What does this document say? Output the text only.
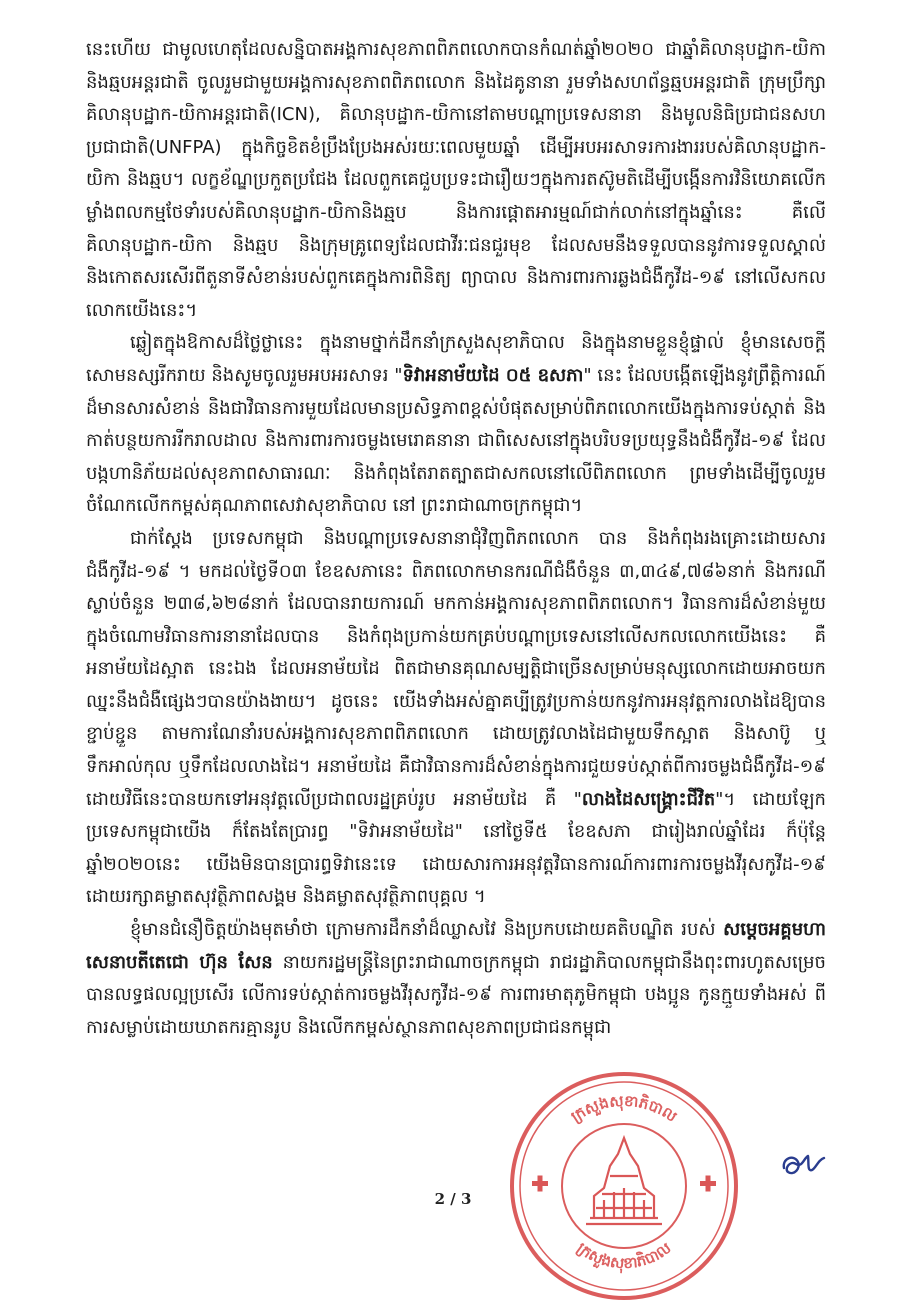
នេះហើយ ជាមូលហេតុដែលសន្និបាតអង្គការសុខភាពពិភពលោកបានកំណត់ឆ្នាំ២០២០ ជាឆ្នាំគិលានុបដ្ឋាក-យិកា និងឆ្មបអន្តរជាតិ ចូលរួមជាមួយអង្គការសុខភាពពិភពលោក និងដៃគូនានា រួមទាំងសហព័ន្ធឆ្មបអន្តរជាតិ ក្រុមប្រឹក្សាគិលានុបដ្ឋាក-យិកាអន្តរជាតិ(ICN), គិលានុបដ្ឋាក-យិកានៅតាមបណ្តាប្រទេសនានា និងមូលនិធិប្រជាជនសហប្រជាជាតិ(UNFPA) ក្នុងកិច្ចខិតខំប្រឹងប្រែងអស់រយៈពេលមួយឆ្នាំ ដើម្បីអបអរសាទរការងាររបស់គិលានុបដ្ឋាក-យិកា និងឆ្មប។ លក្ខខ័ណ្ឌប្រកួតប្រជែង ដែលពួកគេជួបប្រទះជារឿយៗក្នុងការតស៊ូមតិដើម្បីបង្កើនការវិនិយោគលើកម្លាំងពលកម្មថែទាំរបស់គិលានុបដ្ឋាក-យិកានិងឆ្មប និងការផ្តោតអារម្មណ៍ជាក់លាក់នៅក្នុងឆ្នាំនេះ គឺលើគិលានុបដ្ឋាក-យិកា និងឆ្មប និងក្រុមគ្រូពេទ្យដែលជាវីរៈជនជួរមុខ ដែលសមនឹងទទួលបាននូវការទទួលស្គាល់ និងកោតសរសើរពីតួនាទីសំខាន់របស់ពួកគេក្នុងការពិនិត្យ ព្យាបាល និងការពារការឆ្លងជំងឺកូវីដ-១៩ នៅលើសកលលោកយើងនេះ។

ឆ្លៀតក្នុងឱកាសដ៏ថ្លៃថ្លានេះ ក្នុងនាមថ្នាក់ដឹកនាំក្រសួងសុខាភិបាល និងក្នុងនាមខ្លួនខ្ញុំផ្ទាល់ ខ្ញុំមានសេចក្តីសោមនស្សរីករាយ និងសូមចូលរួមអបអរសាទរ "ទិវាអនាម័យដៃ ០៥ ឧសភា" នេះ ដែលបង្កើតឡើងនូវព្រឹត្តិការណ៍ដ៏មានសារសំខាន់ និងជាវិធានការមួយដែលមានប្រសិទ្ធភាពខ្ពស់បំផុតសម្រាប់ពិភពលោកយើងក្នុងការទប់ស្កាត់ និងកាត់បន្ថយការរីករាលដាល និងការពារការចម្លងមេរោគនានា ជាពិសេសនៅក្នុងបរិបទប្រយុទ្ធនឹងជំងឺកូវីដ-១៩ ដែលបង្កហានិភ័យដល់សុខភាពសាធារណៈ និងកំពុងតែរាតត្បាតជាសកលនៅលើពិភពលោក ព្រមទាំងដើម្បីចូលរួមចំណែកលើកកម្ពស់គុណភាពសេវាសុខាភិបាល នៅ ព្រះរាជាណាចក្រកម្ពុជា។

ជាក់ស្តែង ប្រទេសកម្ពុជា និងបណ្តាប្រទេសនានាជុំវិញពិភពលោក បាន និងកំពុងរងគ្រោះដោយសារជំងឺកូវីដ-១៩ ។ មកដល់ថ្ងៃទី០៣ ខែឧសភានេះ ពិភពលោកមានករណីជំងឺចំនួន ៣,៣៤៩,៧៨៦នាក់ និងករណីស្លាប់ចំនួន ២៣៨,៦២៨នាក់ ដែលបានរាយការណ៍ មកកាន់អង្គការសុខភាពពិភពលោក។ វិធានការដ៏សំខាន់មួយ ក្នុងចំណោមវិធានការនានាដែលបាន និងកំពុងប្រកាន់យកគ្រប់បណ្តាប្រទេសនៅលើសកលលោកយើងនេះ គឺ អនាម័យដៃស្អាត នេះឯង ដែលអនាម័យដៃ ពិតជាមានគុណសម្បត្តិជាច្រើនសម្រាប់មនុស្សលោកដោយអាចយកឈ្នះនឹងជំងឺផ្សេងៗបានយ៉ាងងាយ។ ដូចនេះ យើងទាំងអស់គ្នាគប្បីត្រូវប្រកាន់យកនូវការអនុវត្តការលាងដៃឱ្យបានខ្ជាប់ខ្ជួន តាមការណែនាំរបស់អង្គការសុខភាពពិភពលោក ដោយត្រូវលាងដៃជាមួយទឹកស្អាត និងសាប៊ូ ឬទឹកអាល់កុល ឬទឹកដែលលាងដៃ។ អនាម័យដៃ គឺជាវិធានការដ៏សំខាន់ក្នុងការជួយទប់ស្កាត់ពីការចម្លងជំងឺកូវីដ-១៩ ដោយវិធីនេះបានយកទៅអនុវត្តលើប្រជាពលរដ្ឋគ្រប់រូប អនាម័យដៃ គឺ "លាងដៃសង្គ្រោះជីវិត"។ ដោយឡែកប្រទេសកម្ពុជាយើង ក៏តែងតែប្រារព្ធ "ទិវាអនាម័យដៃ" នៅថ្ងៃទី៥ ខែឧសភា ជារៀងរាល់ឆ្នាំដែរ ក៏ប៉ុន្តែ ឆ្នាំ២០២០នេះ យើងមិនបានប្រារព្ធទិវានេះទេ ដោយសារការអនុវត្តវិធានការណ៍ការពារការចម្លងវីរុសកូវីដ-១៩ ដោយរក្សាគម្លាតសុវត្ថិភាពសង្គម និងគម្លាតសុវត្ថិភាពបុគ្គល ។

ខ្ញុំមានជំនឿចិត្តយ៉ាងមុតមាំថា ក្រោមការដឹកនាំដ៏ឈ្លាសវៃ និងប្រកបដោយគតិបណ្ឌិត របស់ សម្តេចអគ្គមហាសេនាបតីតេជោ ហ៊ុន សែន នាយករដ្ឋមន្ត្រីនៃព្រះរាជាណាចក្រកម្ពុជា រាជរដ្ឋាភិបាលកម្ពុជានឹងពុះពារហូតសម្រេចបានលទ្ធផលល្អប្រសើរ លើការទប់ស្កាត់ការចម្លងវីរុសកូវីដ-១៩ ការពារមាតុភូមិកម្ពុជា បងប្អូន កូនក្មួយទាំងអស់ ពីការសម្លាប់ដោយឃាតករគ្មានរូប និងលើកកម្ពស់ស្ថានភាពសុខភាពប្រជាជនកម្ពុជា

2 / 3
ក្រសួងសុខាភិបាល
ក្រសួងសុខាភិបាល
